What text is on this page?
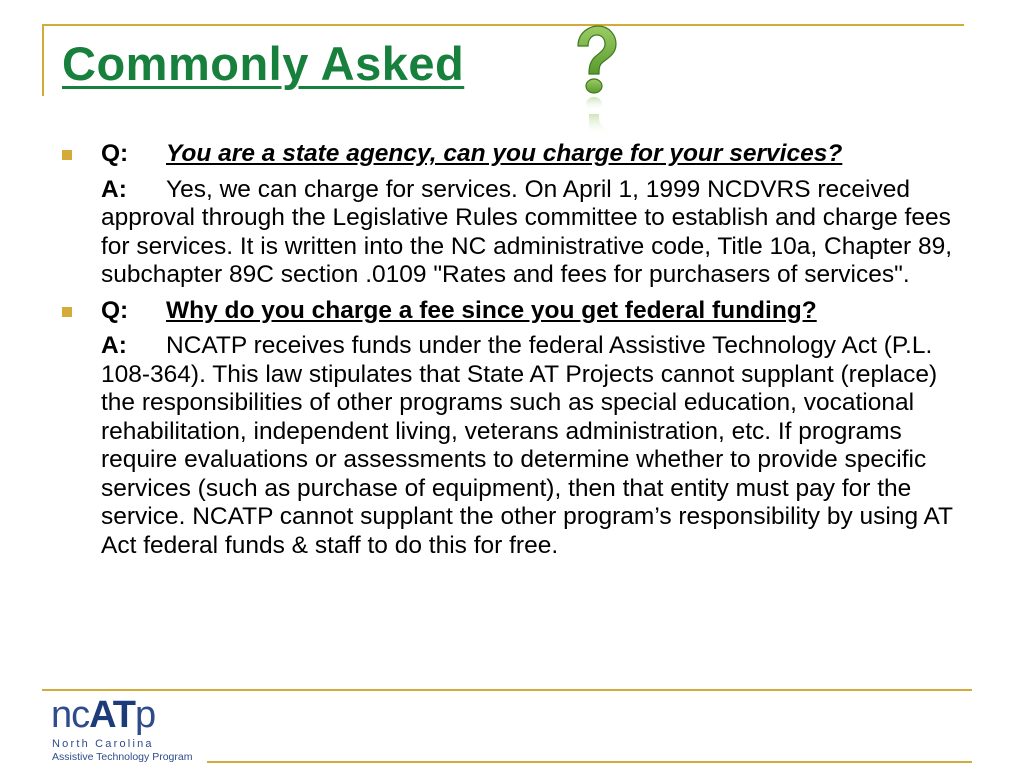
Commonly Asked

Q: You are a state agency, can you charge for your services?

A: Yes, we can charge for services. On April 1, 1999 NCDVRS received approval through the Legislative Rules committee to establish and charge fees for services. It is written into the NC administrative code, Title 10a, Chapter 89, subchapter 89C section .0109 "Rates and fees for purchasers of services".

Q: Why do you charge a fee since you get federal funding?

A: NCATP receives funds under the federal Assistive Technology Act (P.L. 108-364). This law stipulates that State AT Projects cannot supplant (replace) the responsibilities of other programs such as special education, vocational rehabilitation, independent living, veterans administration, etc. If programs require evaluations or assessments to determine whether to provide specific services (such as purchase of equipment), then that entity must pay for the service. NCATP cannot supplant the other program’s responsibility by using AT Act federal funds & staff to do this for free.

ncATp
North Carolina
Assistive Technology Program
